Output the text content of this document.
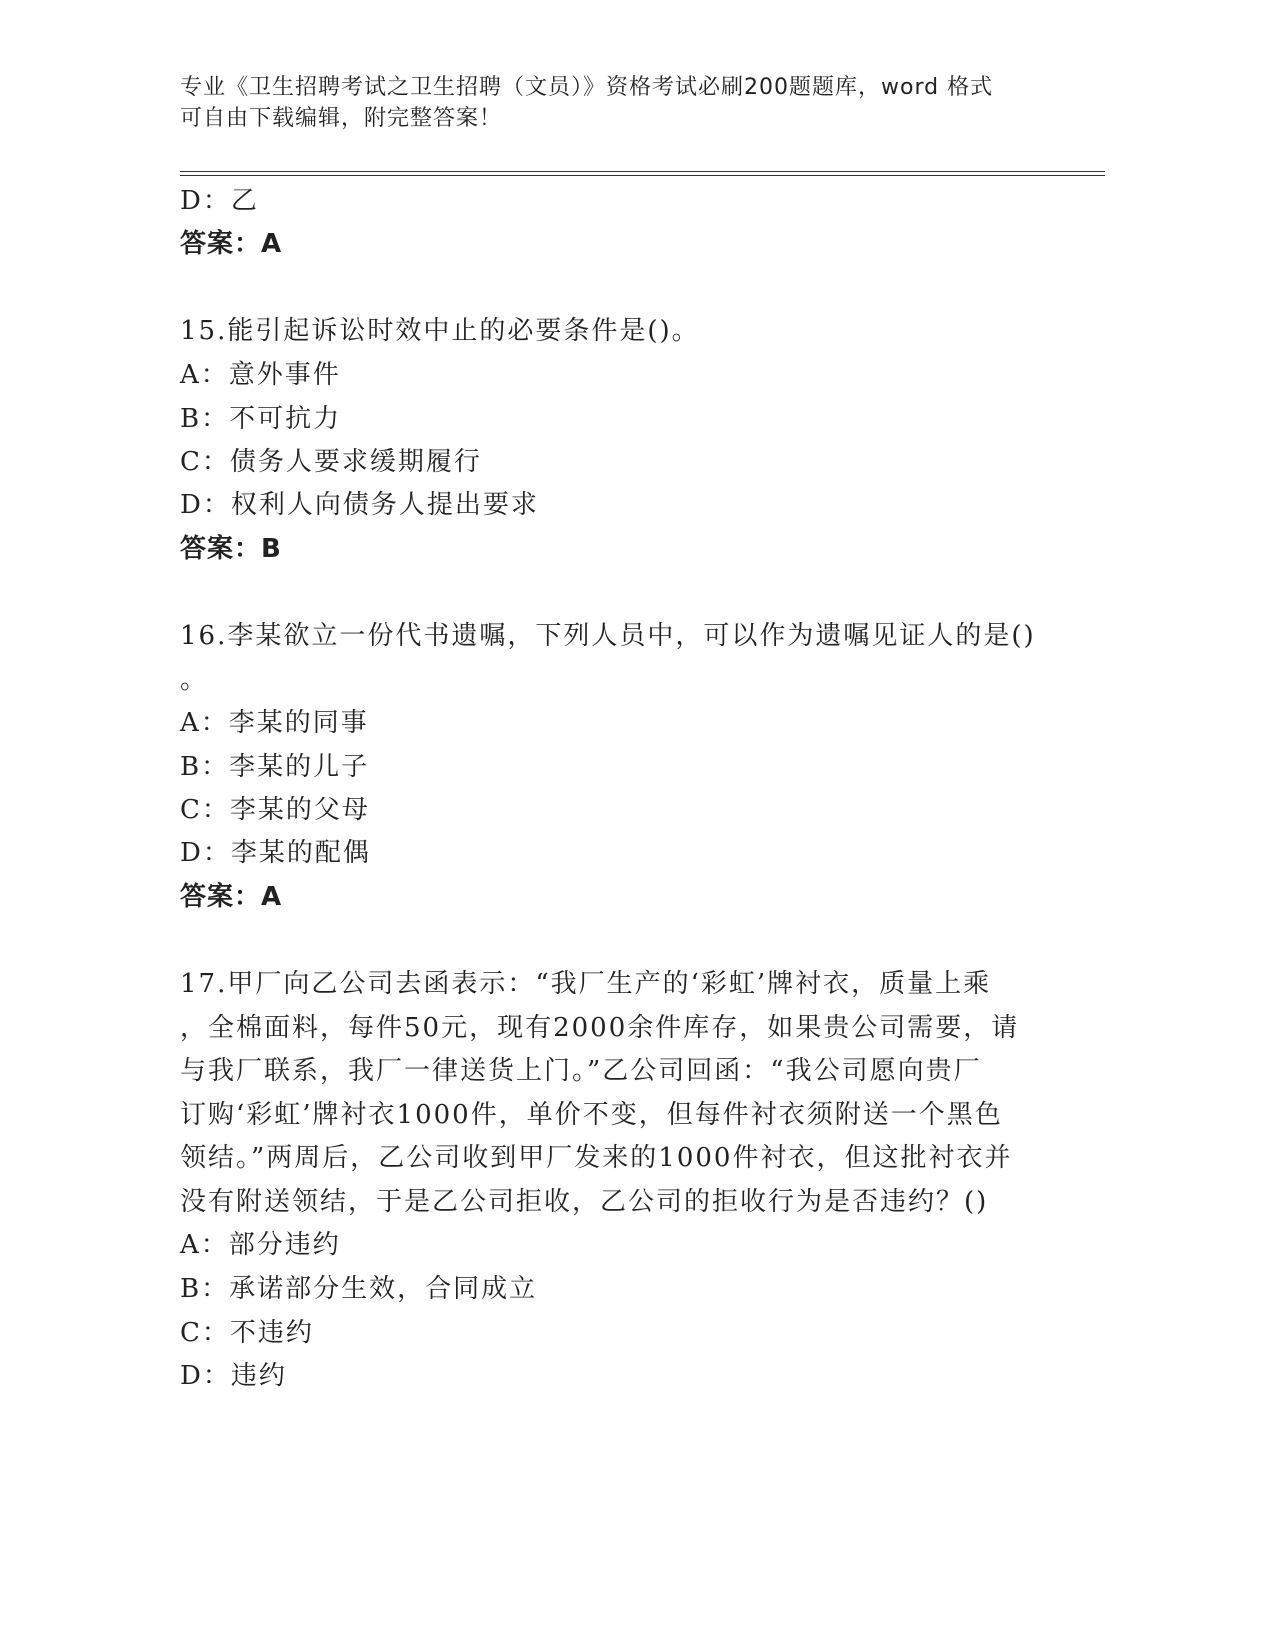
专业《卫生招聘考试之卫生招聘（文员）》资格考试必刷200题题库，word 格式
可自由下载编辑，附完整答案！
D：乙
答案：A
15.能引起诉讼时效中止的必要条件是()。
A：意外事件
B：不可抗力
C：债务人要求缓期履行
D：权利人向债务人提出要求
答案：B
16.李某欲立一份代书遗嘱，下列人员中，可以作为遗嘱见证人的是()
。
A：李某的同事
B：李某的儿子
C：李某的父母
D：李某的配偶
答案：A
17.甲厂向乙公司去函表示：“我厂生产的‘彩虹’牌衬衣，质量上乘
，全棉面料，每件50元，现有2000余件库存，如果贵公司需要，请
与我厂联系，我厂一律送货上门。”乙公司回函：“我公司愿向贵厂
订购‘彩虹’牌衬衣1000件，单价不变，但每件衬衣须附送一个黑色
领结。”两周后，乙公司收到甲厂发来的1000件衬衣，但这批衬衣并
没有附送领结，于是乙公司拒收，乙公司的拒收行为是否违约？()
A：部分违约
B：承诺部分生效，合同成立
C：不违约
D：违约
